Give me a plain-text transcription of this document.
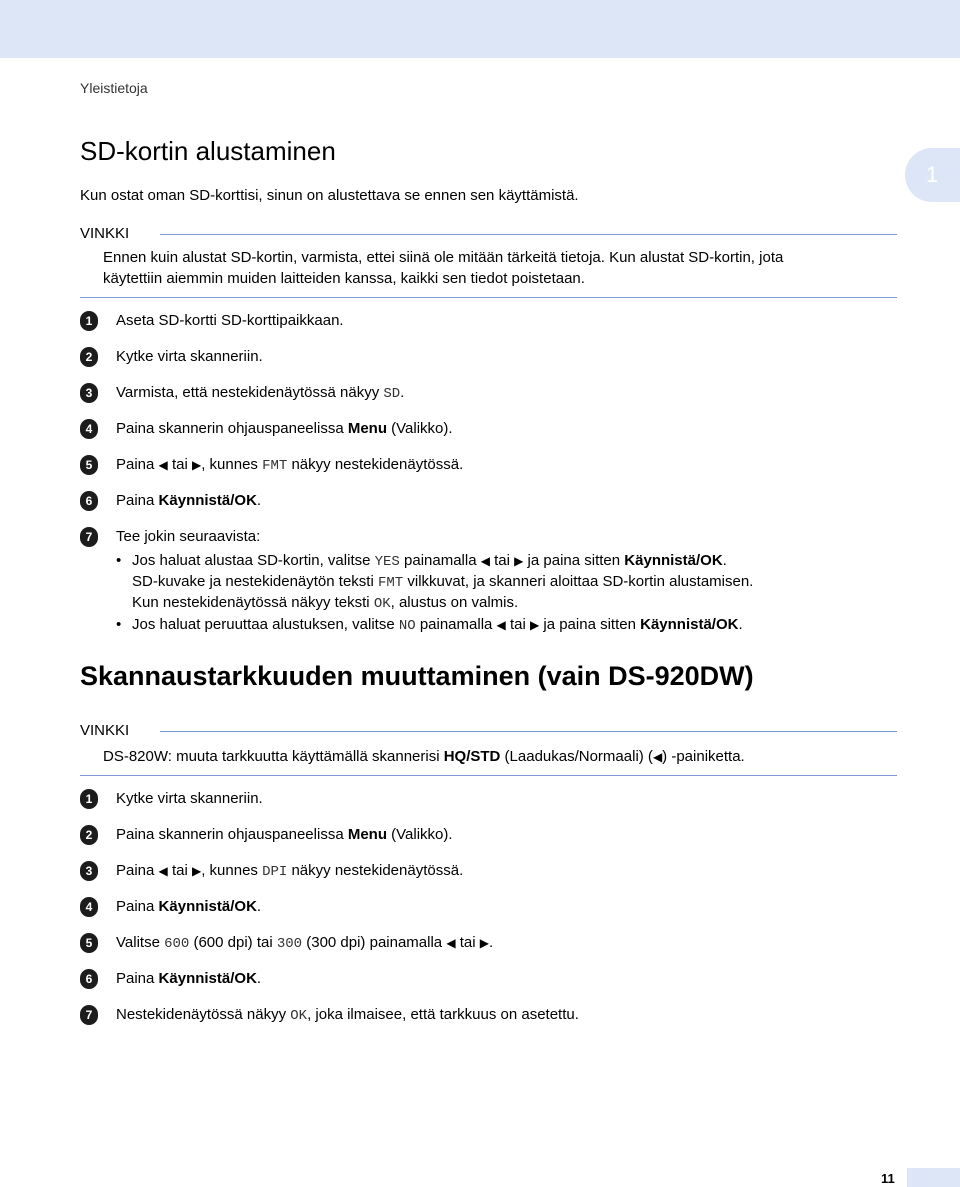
Yleistietoja
1
SD-kortin alustaminen
Kun ostat oman SD-korttisi, sinun on alustettava se ennen sen käyttämistä.
VINKKI
Ennen kuin alustat SD-kortin, varmista, ettei siinä ole mitään tärkeitä tietoja. Kun alustat SD-kortin, jota
käytettiin aiemmin muiden laitteiden kanssa, kaikki sen tiedot poistetaan.
1	Aseta SD-kortti SD-korttipaikkaan.
2	Kytke virta skanneriin.
3	Varmista, että nestekidenäytössä näkyy SD.
4	Paina skannerin ohjauspaneelissa Menu (Valikko).
5	Paina ◀ tai ▶, kunnes FMT näkyy nestekidenäytössä.
6	Paina Käynnistä/OK.
7	Tee jokin seuraavista:
• Jos haluat alustaa SD-kortin, valitse YES painamalla ◀ tai ▶ ja paina sitten Käynnistä/OK.
SD-kuvake ja nestekidenäytön teksti FMT vilkkuvat, ja skanneri aloittaa SD-kortin alustamisen.
Kun nestekidenäytössä näkyy teksti OK, alustus on valmis.
• Jos haluat peruuttaa alustuksen, valitse NO painamalla ◀ tai ▶ ja paina sitten Käynnistä/OK.
Skannaustarkkuuden muuttaminen (vain DS-920DW)
VINKKI
DS-820W: muuta tarkkuutta käyttämällä skannerisi HQ/STD (Laadukas/Normaali) (◀) -painiketta.
1	Kytke virta skanneriin.
2	Paina skannerin ohjauspaneelissa Menu (Valikko).
3	Paina ◀ tai ▶, kunnes DPI näkyy nestekidenäytössä.
4	Paina Käynnistä/OK.
5	Valitse 600 (600 dpi) tai 300 (300 dpi) painamalla ◀ tai ▶.
6	Paina Käynnistä/OK.
7	Nestekidenäytössä näkyy OK, joka ilmaisee, että tarkkuus on asetettu.
11
